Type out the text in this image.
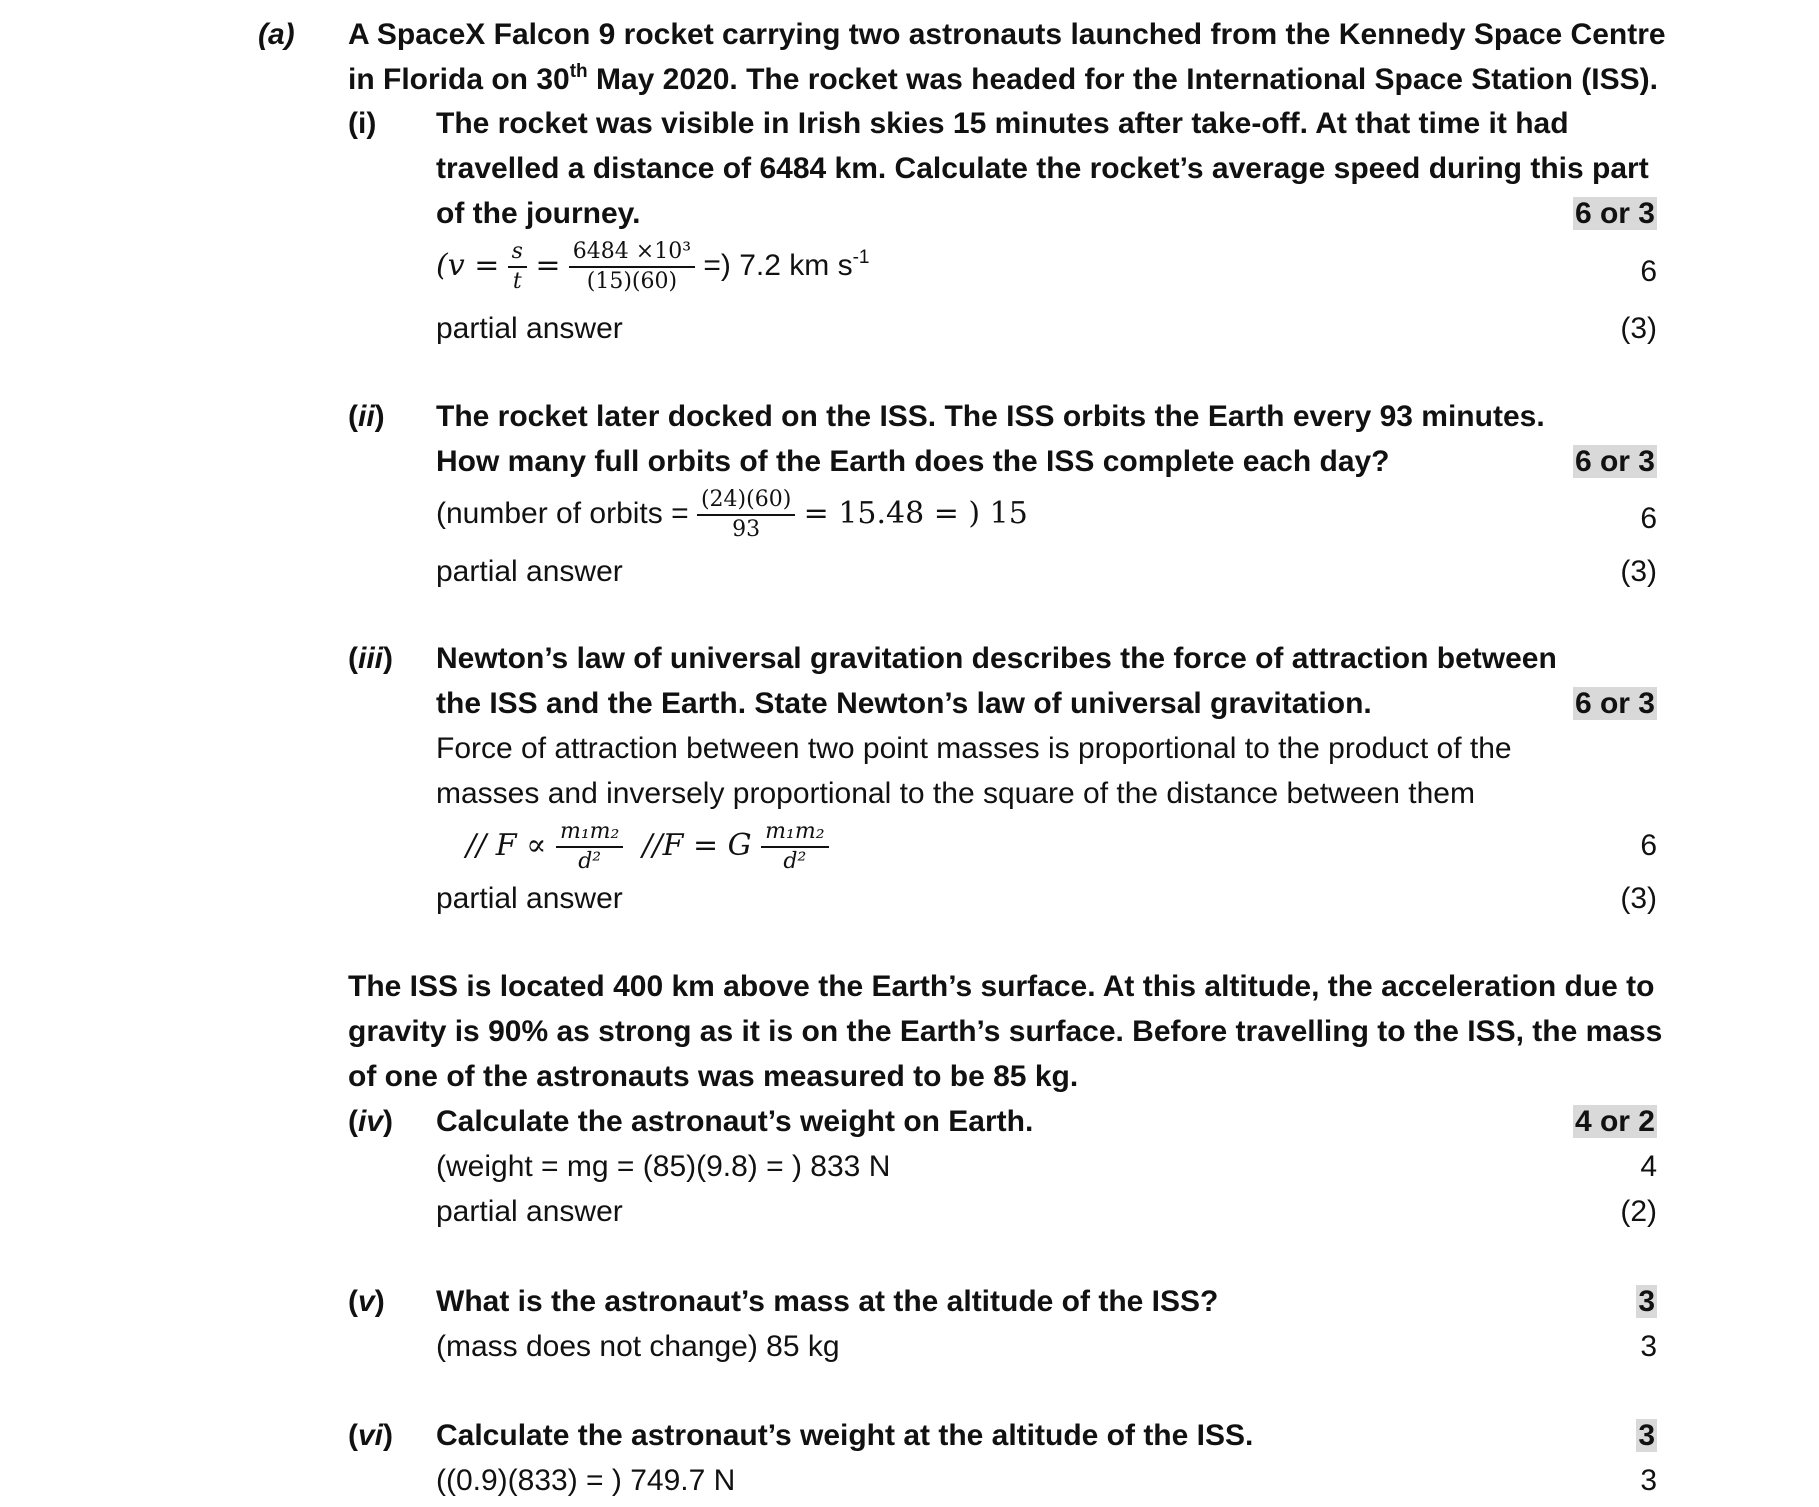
(a) A SpaceX Falcon 9 rocket carrying two astronauts launched from the Kennedy Space Centre
in Florida on 30th May 2020. The rocket was headed for the International Space Station (ISS).
(i) The rocket was visible in Irish skies 15 minutes after take-off. At that time it had
travelled a distance of 6484 km. Calculate the rocket’s average speed during this part
of the journey.	6 or 3
($v = \frac{s}{t} = \frac{\text{6484 ×10³}}{(15)(60)}$ =) 7.2 km $s^{-1}$	6
partial answer	(3)
(ii) The rocket later docked on the ISS. The ISS orbits the Earth every 93 minutes.
How many full orbits of the Earth does the ISS complete each day?	6 or 3
(number of orbits = $\frac{(24)(60)}{93} = 15.48$ = ) 15	6
partial answer	(3)
(iii) Newton’s law of universal gravitation describes the force of attraction between
the ISS and the Earth. State Newton’s law of universal gravitation.	6 or 3
Force of attraction between two point masses is proportional to the product of the
masses and inversely proportional to the square of the distance between them
// $F \propto \frac{\text{m₁m₂}}{\text{d²}} //F = G \frac{\text{m₁m₂}}{\text{d²}}$	6
partial answer	(3)
The ISS is located 400 km above the Earth’s surface. At this altitude, the acceleration due to
gravity is 90% as strong as it is on the Earth’s surface. Before travelling to the ISS, the mass
of one of the astronauts was measured to be 85 kg.
(iv) Calculate the astronaut’s weight on Earth.	4 or 2
(weight = mg = (85)(9.8) = ) 833 N	4
partial answer	(2)
(v) What is the astronaut’s mass at the altitude of the ISS?	3
(mass does not change) 85 kg	3
(vi) Calculate the astronaut’s weight at the altitude of the ISS.	3
((0.9)(833) = ) 749.7 N	3
